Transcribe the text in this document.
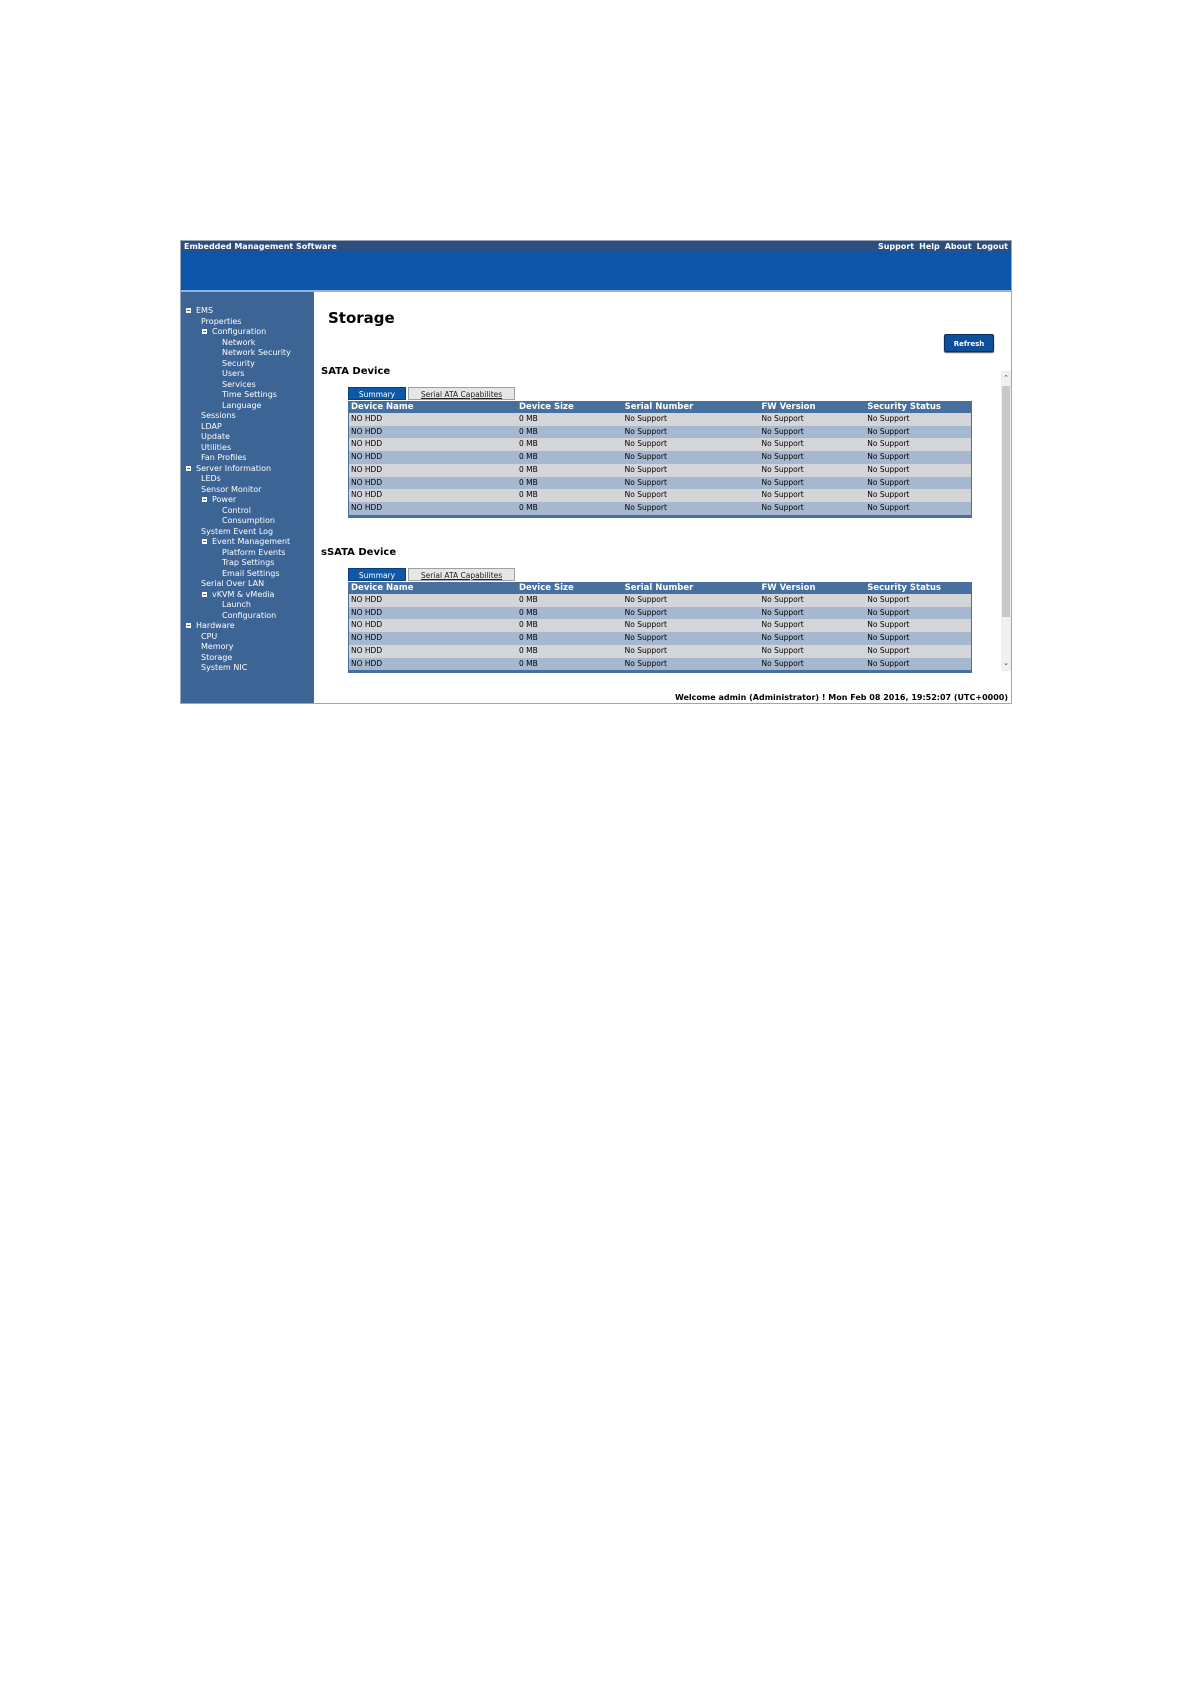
Embedded Management Software	Support Help About Logout
EMS
Properties
Configuration
Network
Network Security
Security
Users
Services
Time Settings
Language
Sessions
LDAP
Update
Utilities
Fan Profiles
Server Information
LEDs
Sensor Monitor
Power
Control
Consumption
System Event Log
Event Management
Platform Events
Trap Settings
Email Settings
Serial Over LAN
vKVM & vMedia
Launch
Configuration
Hardware
CPU
Memory
Storage
System NIC
Storage
Refresh
⌃
⌄
SATA Device
Summary	Serial ATA Capabilites
Device Name	Device Size	Serial Number	FW Version	Security Status
NO HDD	0 MB	No Support	No Support	No Support
NO HDD	0 MB	No Support	No Support	No Support
NO HDD	0 MB	No Support	No Support	No Support
NO HDD	0 MB	No Support	No Support	No Support
NO HDD	0 MB	No Support	No Support	No Support
NO HDD	0 MB	No Support	No Support	No Support
NO HDD	0 MB	No Support	No Support	No Support
NO HDD	0 MB	No Support	No Support	No Support
sSATA Device
Summary	Serial ATA Capabilites
Device Name	Device Size	Serial Number	FW Version	Security Status
NO HDD	0 MB	No Support	No Support	No Support
NO HDD	0 MB	No Support	No Support	No Support
NO HDD	0 MB	No Support	No Support	No Support
NO HDD	0 MB	No Support	No Support	No Support
NO HDD	0 MB	No Support	No Support	No Support
NO HDD	0 MB	No Support	No Support	No Support
Welcome admin (Administrator) ! Mon Feb 08 2016, 19:52:07 (UTC+0000)
